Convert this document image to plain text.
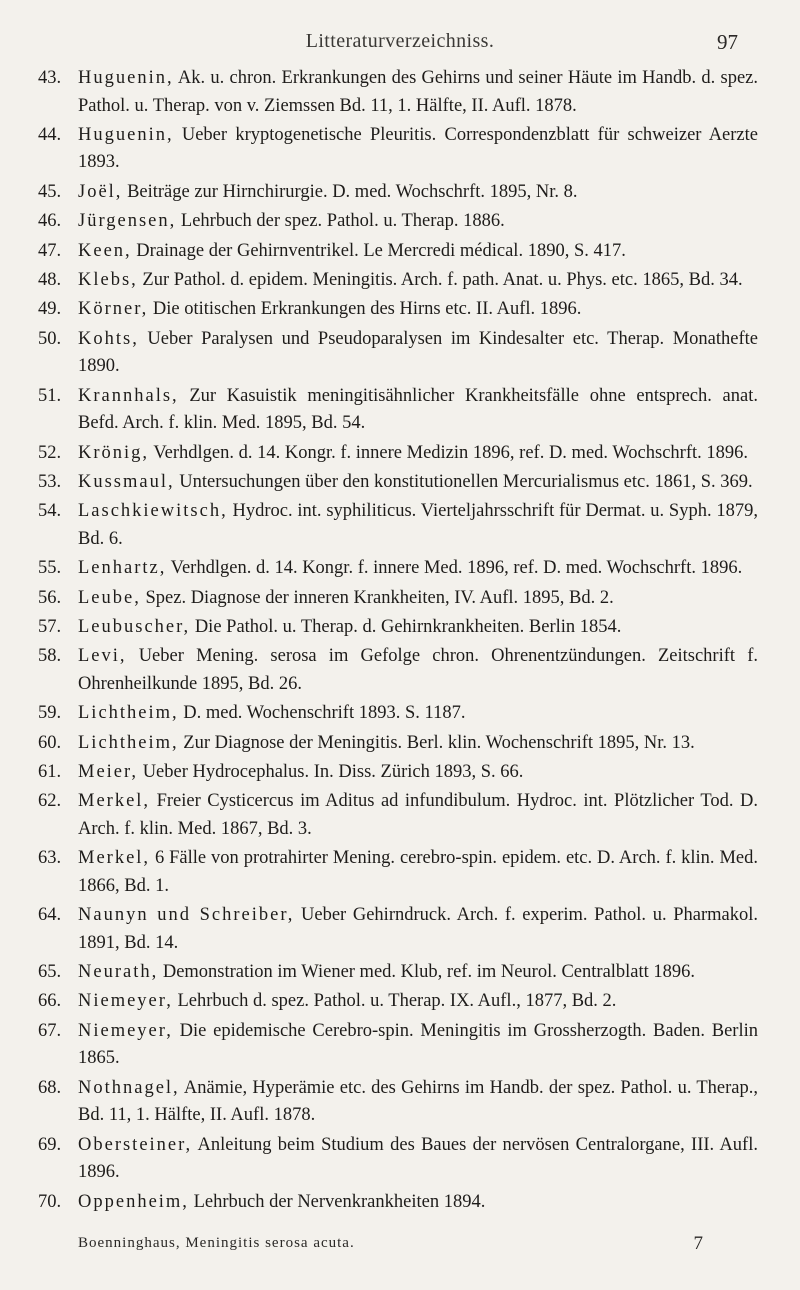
Litteraturverzeichniss.	97
43. Huguenin, Ak. u. chron. Erkrankungen des Gehirns und seiner Häute im Handb. d. spez. Pathol. u. Therap. von v. Ziemssen Bd. 11, 1. Hälfte, II. Aufl. 1878.
44. Huguenin, Ueber kryptogenetische Pleuritis. Correspondenzblatt für schweizer Aerzte 1893.
45. Joël, Beiträge zur Hirnchirurgie. D. med. Wochschrft. 1895, Nr. 8.
46. Jürgensen, Lehrbuch der spez. Pathol. u. Therap. 1886.
47. Keen, Drainage der Gehirnventrikel. Le Mercredi médical. 1890, S. 417.
48. Klebs, Zur Pathol. d. epidem. Meningitis. Arch. f. path. Anat. u. Phys. etc. 1865, Bd. 34.
49. Körner, Die otitischen Erkrankungen des Hirns etc. II. Aufl. 1896.
50. Kohts, Ueber Paralysen und Pseudoparalysen im Kindesalter etc. Therap. Monathefte 1890.
51. Krannhals, Zur Kasuistik meningitisähnlicher Krankheitsfälle ohne entsprech. anat. Befd. Arch. f. klin. Med. 1895, Bd. 54.
52. Krönig, Verhdlgen. d. 14. Kongr. f. innere Medizin 1896, ref. D. med. Wochschrft. 1896.
53. Kussmaul, Untersuchungen über den konstitutionellen Mercurialismus etc. 1861, S. 369.
54. Laschkiewitsch, Hydroc. int. syphiliticus. Vierteljahrsschrift für Dermat. u. Syph. 1879, Bd. 6.
55. Lenhartz, Verhdlgen. d. 14. Kongr. f. innere Med. 1896, ref. D. med. Wochschrft. 1896.
56. Leube, Spez. Diagnose der inneren Krankheiten, IV. Aufl. 1895, Bd. 2.
57. Leubuscher, Die Pathol. u. Therap. d. Gehirnkrankheiten. Berlin 1854.
58. Levi, Ueber Mening. serosa im Gefolge chron. Ohrenentzündungen. Zeitschrift f. Ohrenheilkunde 1895, Bd. 26.
59. Lichtheim, D. med. Wochenschrift 1893. S. 1187.
60. Lichtheim, Zur Diagnose der Meningitis. Berl. klin. Wochenschrift 1895, Nr. 13.
61. Meier, Ueber Hydrocephalus. In. Diss. Zürich 1893, S. 66.
62. Merkel, Freier Cysticercus im Aditus ad infundibulum. Hydroc. int. Plötzlicher Tod. D. Arch. f. klin. Med. 1867, Bd. 3.
63. Merkel, 6 Fälle von protrahirter Mening. cerebro-spin. epidem. etc. D. Arch. f. klin. Med. 1866, Bd. 1.
64. Naunyn und Schreiber, Ueber Gehirndruck. Arch. f. experim. Pathol. u. Pharmakol. 1891, Bd. 14.
65. Neurath, Demonstration im Wiener med. Klub, ref. im Neurol. Centralblatt 1896.
66. Niemeyer, Lehrbuch d. spez. Pathol. u. Therap. IX. Aufl., 1877, Bd. 2.
67. Niemeyer, Die epidemische Cerebro-spin. Meningitis im Grossherzogth. Baden. Berlin 1865.
68. Nothnagel, Anämie, Hyperämie etc. des Gehirns im Handb. der spez. Pathol. u. Therap., Bd. 11, 1. Hälfte, II. Aufl. 1878.
69. Obersteiner, Anleitung beim Studium des Baues der nervösen Centralorgane, III. Aufl. 1896.
70. Oppenheim, Lehrbuch der Nervenkrankheiten 1894.
Boenninghaus, Meningitis serosa acuta.	7
